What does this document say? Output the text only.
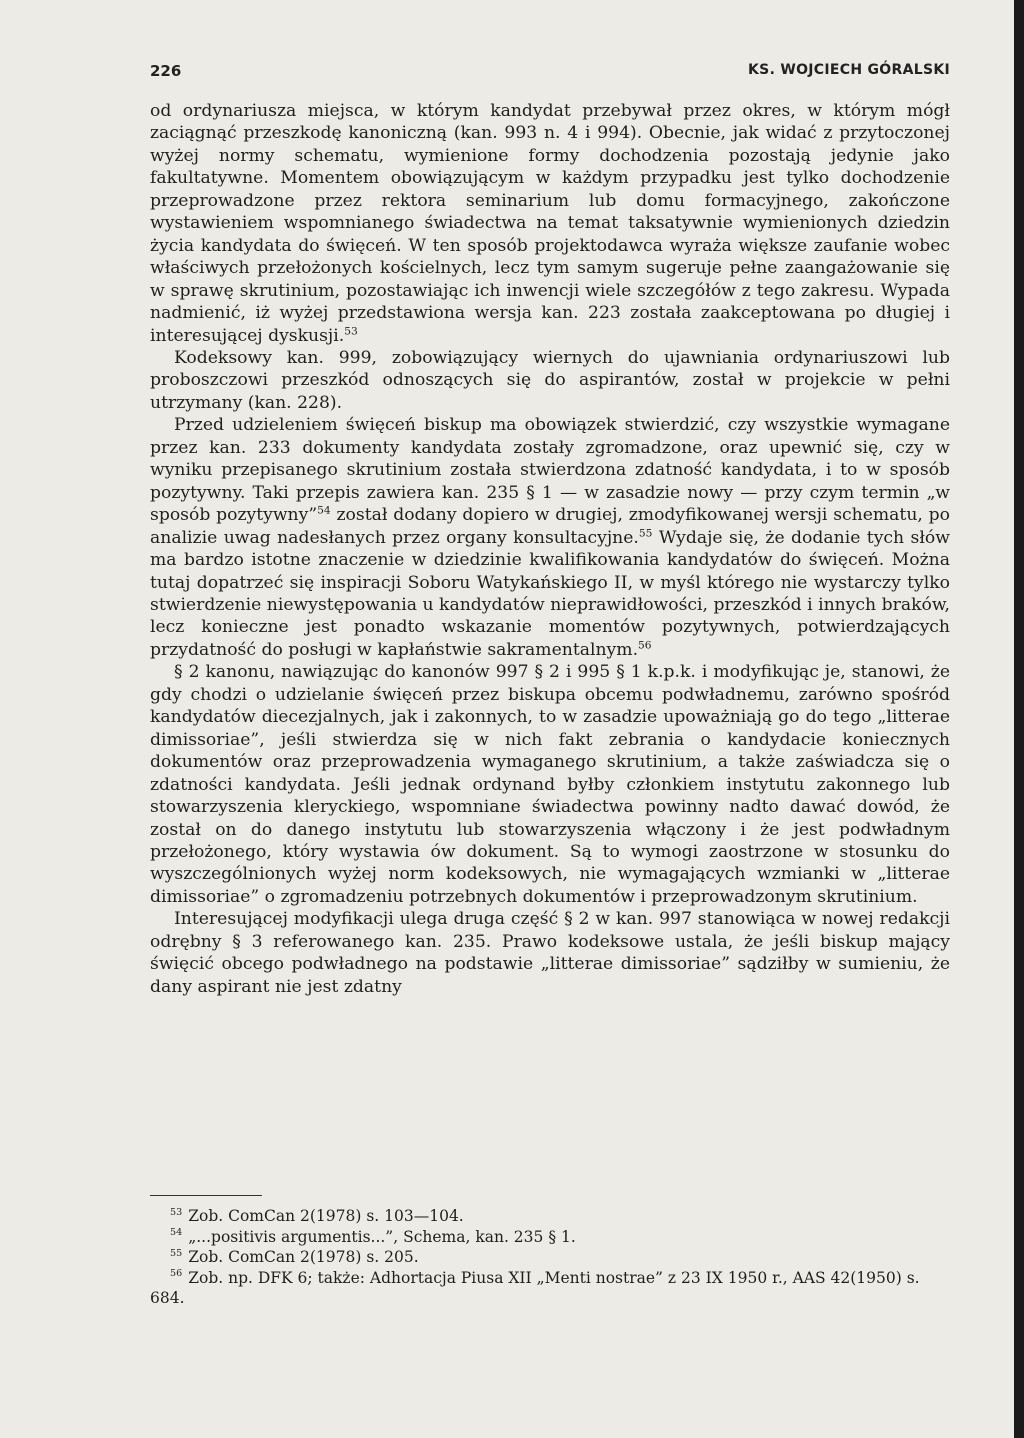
226	KS. WOJCIECH GÓRALSKI

od ordynariusza miejsca, w którym kandydat przebywał przez okres, w którym mógł zaciągnąć przeszkodę kanoniczną (kan. 993 n. 4 i 994). Obecnie, jak widać z przytoczonej wyżej normy schematu, wymienione formy dochodzenia pozostają jedynie jako fakultatywne. Momentem obowiązującym w każdym przypadku jest tylko dochodzenie przeprowadzone przez rektora seminarium lub domu formacyjnego, zakończone wystawieniem wspomnianego świadectwa na temat taksatywnie wymienionych dziedzin życia kandydata do święceń. W ten sposób projektodawca wyraża większe zaufanie wobec właściwych przełożonych kościelnych, lecz tym samym sugeruje pełne zaangażowanie się w sprawę skrutinium, pozostawiając ich inwencji wiele szczegółów z tego zakresu. Wypada nadmienić, iż wyżej przedstawiona wersja kan. 223 została zaakceptowana po długiej i interesującej dyskusji.$^{53}$

Kodeksowy kan. 999, zobowiązujący wiernych do ujawniania ordynariuszowi lub proboszczowi przeszkód odnoszących się do aspirantów, został w projekcie w pełni utrzymany (kan. 228).

Przed udzieleniem święceń biskup ma obowiązek stwierdzić, czy wszystkie wymagane przez kan. 233 dokumenty kandydata zostały zgromadzone, oraz upewnić się, czy w wyniku przepisanego skrutinium została stwierdzona zdatność kandydata, i to w sposób pozytywny. Taki przepis zawiera kan. 235 § 1 — w zasadzie nowy — przy czym termin „w sposób pozytywny”$^{54}$ został dodany dopiero w drugiej, zmodyfikowanej wersji schematu, po analizie uwag nadesłanych przez organy konsultacyjne.$^{55}$ Wydaje się, że dodanie tych słów ma bardzo istotne znaczenie w dziedzinie kwalifikowania kandydatów do święceń. Można tutaj dopatrzeć się inspiracji Soboru Watykańskiego II, w myśl którego nie wystarczy tylko stwierdzenie niewystępowania u kandydatów nieprawidłowości, przeszkód i innych braków, lecz konieczne jest ponadto wskazanie momentów pozytywnych, potwierdzających przydatność do posługi w kapłaństwie sakramentalnym.$^{56}$

§ 2 kanonu, nawiązując do kanonów 997 § 2 i 995 § 1 k.p.k. i modyfikując je, stanowi, że gdy chodzi o udzielanie święceń przez biskupa obcemu podwładnemu, zarówno spośród kandydatów diecezjalnych, jak i zakonnych, to w zasadzie upoważniają go do tego „litterae dimissoriae”, jeśli stwierdza się w nich fakt zebrania o kandydacie koniecznych dokumentów oraz przeprowadzenia wymaganego skrutinium, a także zaświadcza się o zdatności kandydata. Jeśli jednak ordynand byłby członkiem instytutu zakonnego lub stowarzyszenia kleryckiego, wspomniane świadectwa powinny nadto dawać dowód, że został on do danego instytutu lub stowarzyszenia włączony i że jest podwładnym przełożonego, który wystawia ów dokument. Są to wymogi zaostrzone w stosunku do wyszczególnionych wyżej norm kodeksowych, nie wymagających wzmianki w „litterae dimissoriae” o zgromadzeniu potrzebnych dokumentów i przeprowadzonym skrutinium.

Interesującej modyfikacji ulega druga część § 2 w kan. 997 stanowiąca w nowej redakcji odrębny § 3 referowanego kan. 235. Prawo kodeksowe ustala, że jeśli biskup mający święcić obcego podwładnego na podstawie „litterae dimissoriae” sądziłby w sumieniu, że dany aspirant nie jest zdatny

$^{53}$ Zob. ComCan 2(1978) s. 103—104.
$^{54}$ „...positivis argumentis...”, Schema, kan. 235 § 1.
$^{55}$ Zob. ComCan 2(1978) s. 205.
$^{56}$ Zob. np. DFK 6; także: Adhortacja Piusa XII „Menti nostrae” z 23 IX 1950 r., AAS 42(1950) s. 684.
